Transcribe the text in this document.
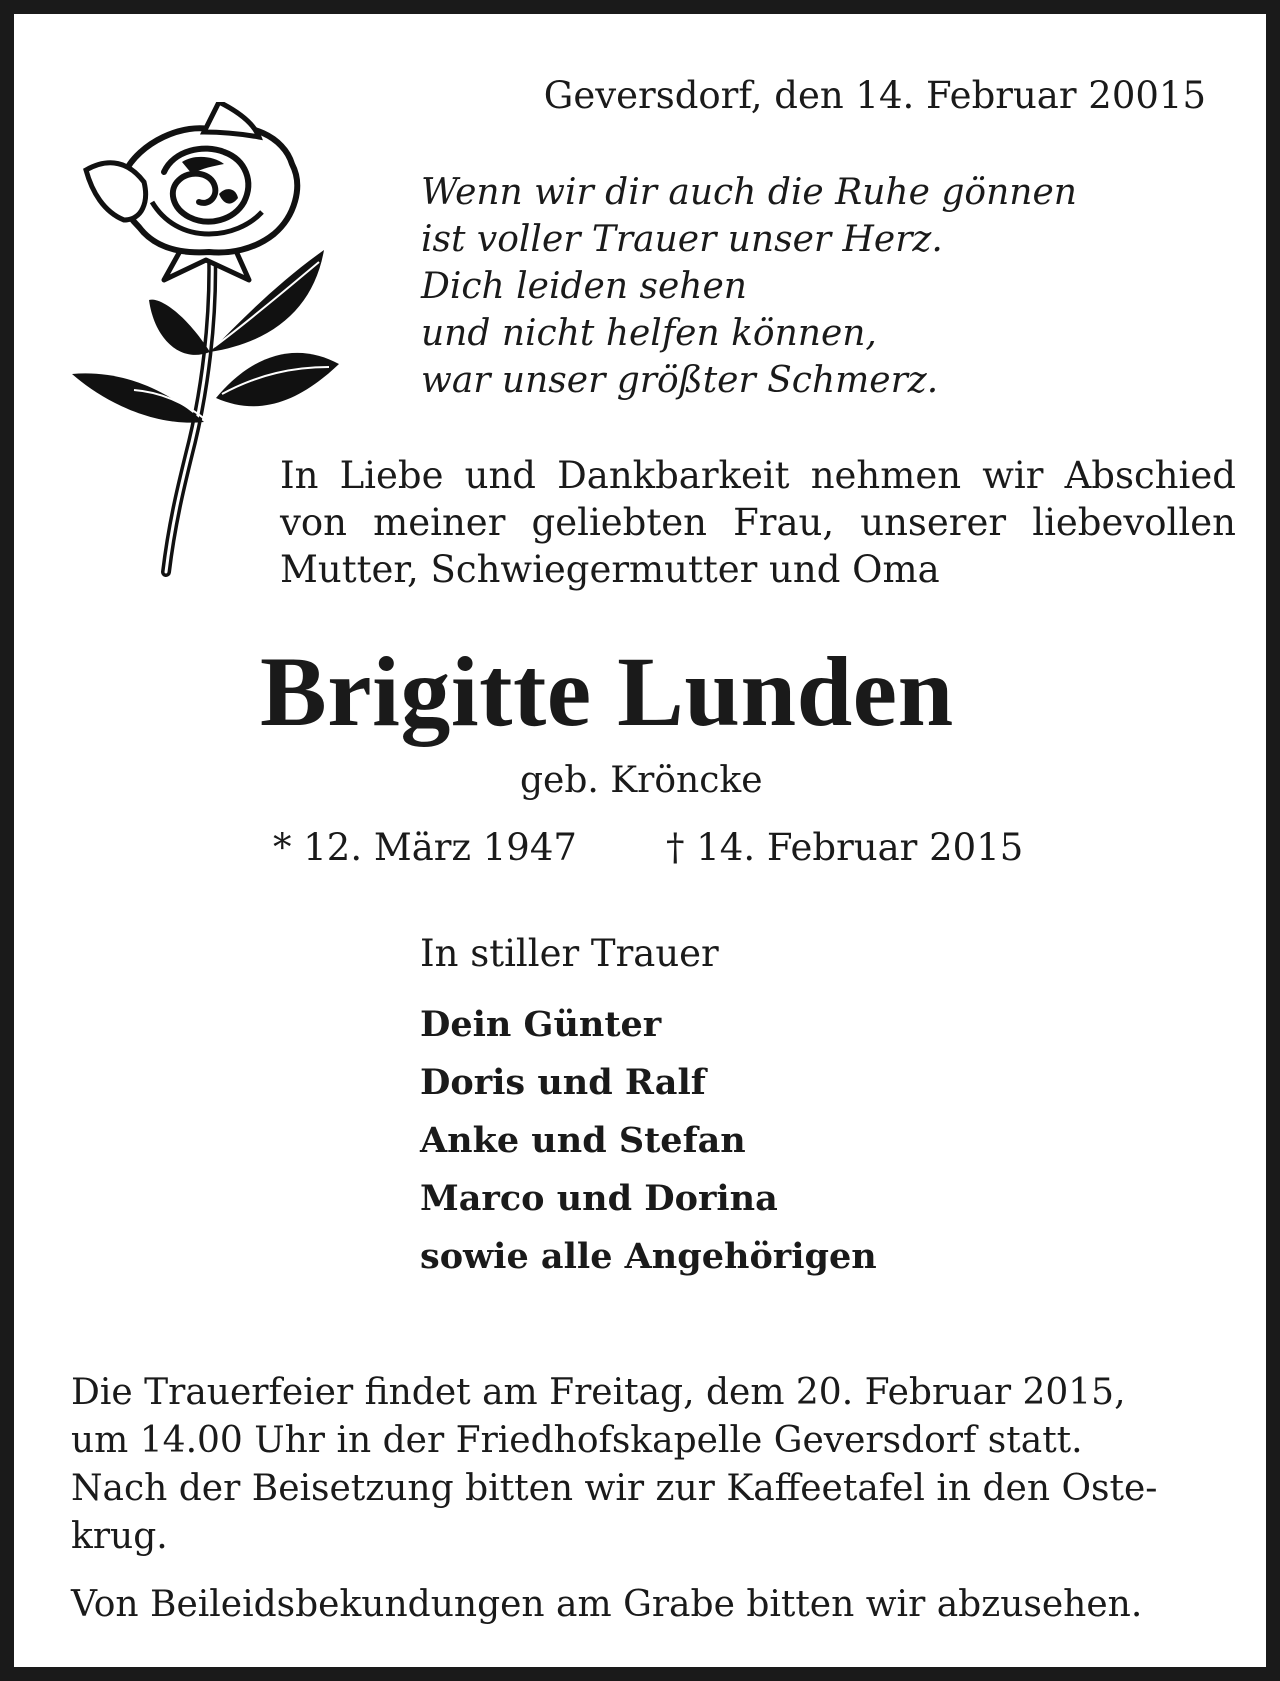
Geversdorf, den 14. Februar 20015
Wenn wir dir auch die Ruhe gönnen
ist voller Trauer unser Herz.
Dich leiden sehen
und nicht helfen können,
war unser größter Schmerz.
In Liebe und Dankbarkeit nehmen wir Abschied
von meiner geliebten Frau, unserer liebevollen
Mutter, Schwiegermutter und Oma
Brigitte Lunden
geb. Kröncke
* 12. März 1947 † 14. Februar 2015
In stiller Trauer
Dein Günter
Doris und Ralf
Anke und Stefan
Marco und Dorina
sowie alle Angehörigen
Die Trauerfeier findet am Freitag, dem 20. Februar 2015,
um 14.00 Uhr in der Friedhofskapelle Geversdorf statt.
Nach der Beisetzung bitten wir zur Kaffeetafel in den Oste-
krug.
Von Beileidsbekundungen am Grabe bitten wir abzusehen.
